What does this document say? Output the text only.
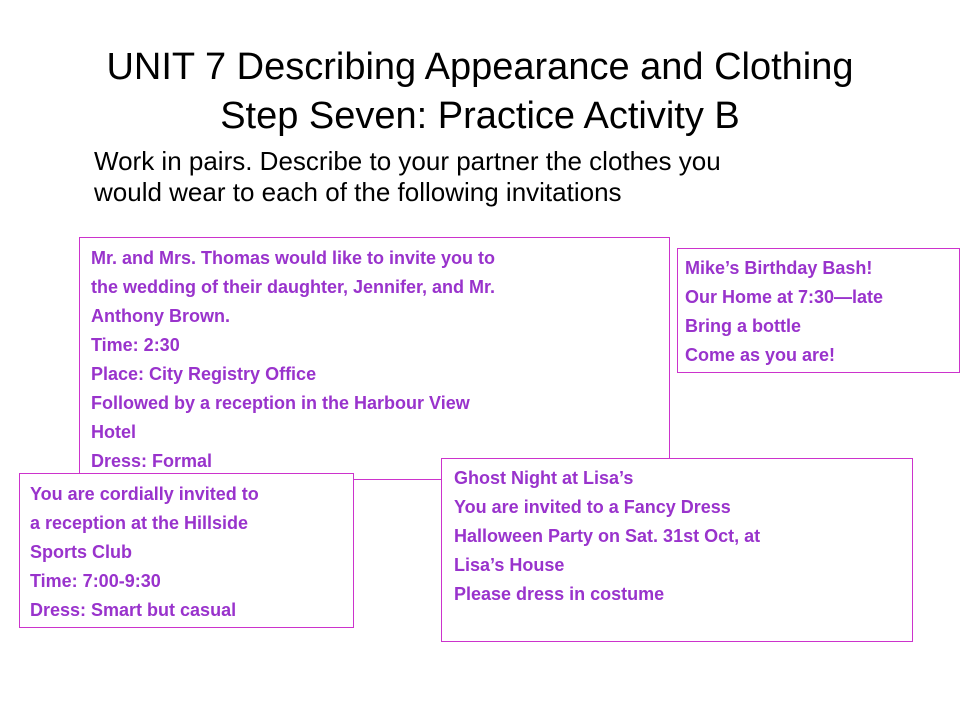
UNIT 7 Describing Appearance and Clothing
Step Seven: Practice Activity B

Work in pairs. Describe to your partner the clothes you
would wear to each of the following invitations

Mr. and Mrs. Thomas would like to invite you to
the wedding of their daughter, Jennifer, and Mr.
Anthony Brown.
Time: 2:30
Place: City Registry Office
Followed by a reception in the Harbour View
Hotel
Dress: Formal
Mike’s Birthday Bash!
Our Home at 7:30—late
Bring a bottle
Come as you are!
You are cordially invited to
a reception at the Hillside
Sports Club
Time: 7:00-9:30
Dress: Smart but casual
Ghost Night at Lisa’s
You are invited to a Fancy Dress
Halloween Party on Sat. 31st Oct, at
Lisa’s House
Please dress in costume
